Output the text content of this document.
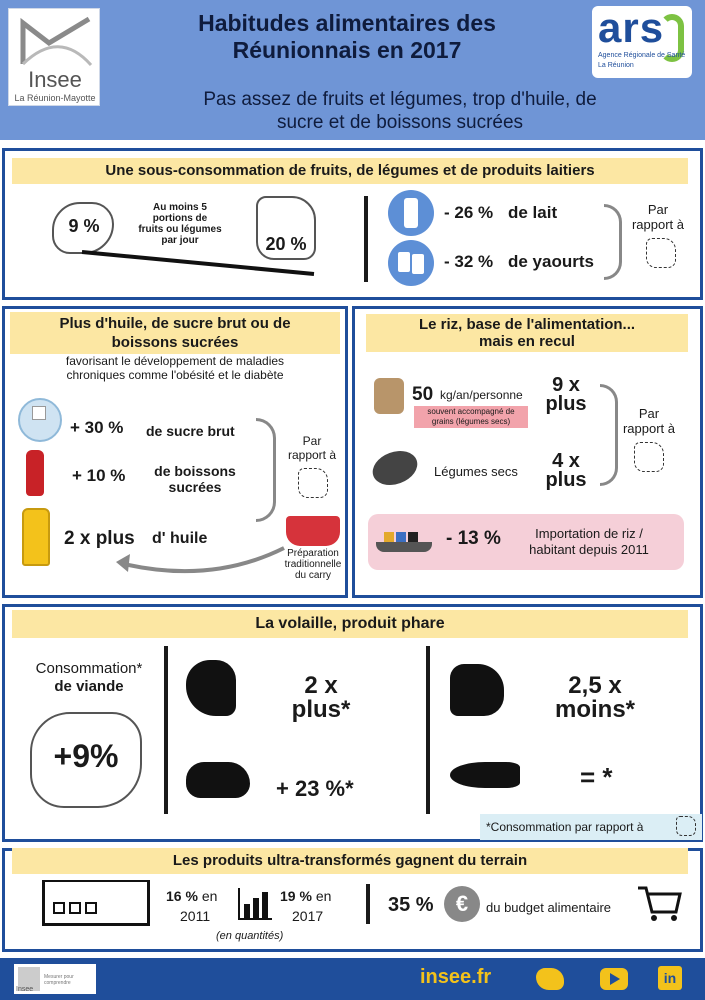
Insee
La Réunion-Mayotte
Habitudes alimentaires des
Réunionnais en 2017	ars
Agence Régionale de Santé
La Réunion
Pas assez de fruits et légumes, trop d'huile, de
sucre et de boissons sucrées
Une sous-consommation de fruits, de légumes et de produits laitiers
9 %
Au moins 5
portions de
fruits ou légumes
par jour	20 %
- 26 % de lait
- 32 % de yaourts
Par
rapport à
Plus d'huile, de sucre brut ou de
boissons sucrées
favorisant le développement de maladies
chroniques comme l'obésité et le diabète
+ 30 % de sucre brut
+ 10 %	de boissons
sucrées
2 x plus d' huile
Par
rapport à
Préparation
traditionnelle
du carry
Le riz, base de l'alimentation...
mais en recul
50 kg/an/personne
souvent accompagné de
grains (légumes secs)
9 x
plus
Légumes secs	4 x
plus
Par
rapport à
- 13 %	Importation de riz /
habitant depuis 2011
La volaille, produit phare
Consommation*
de viande
+9%
2 x
plus*
+ 23 %*
2,5 x
moins*
= *
*Consommation par rapport à
Les produits ultra-transformés gagnent du terrain
16 % en
2011
19 % en
2017
(en quantités)
35 %	€	du budget alimentaire
Insee
Mesurer pour comprendre	insee.fr	in
